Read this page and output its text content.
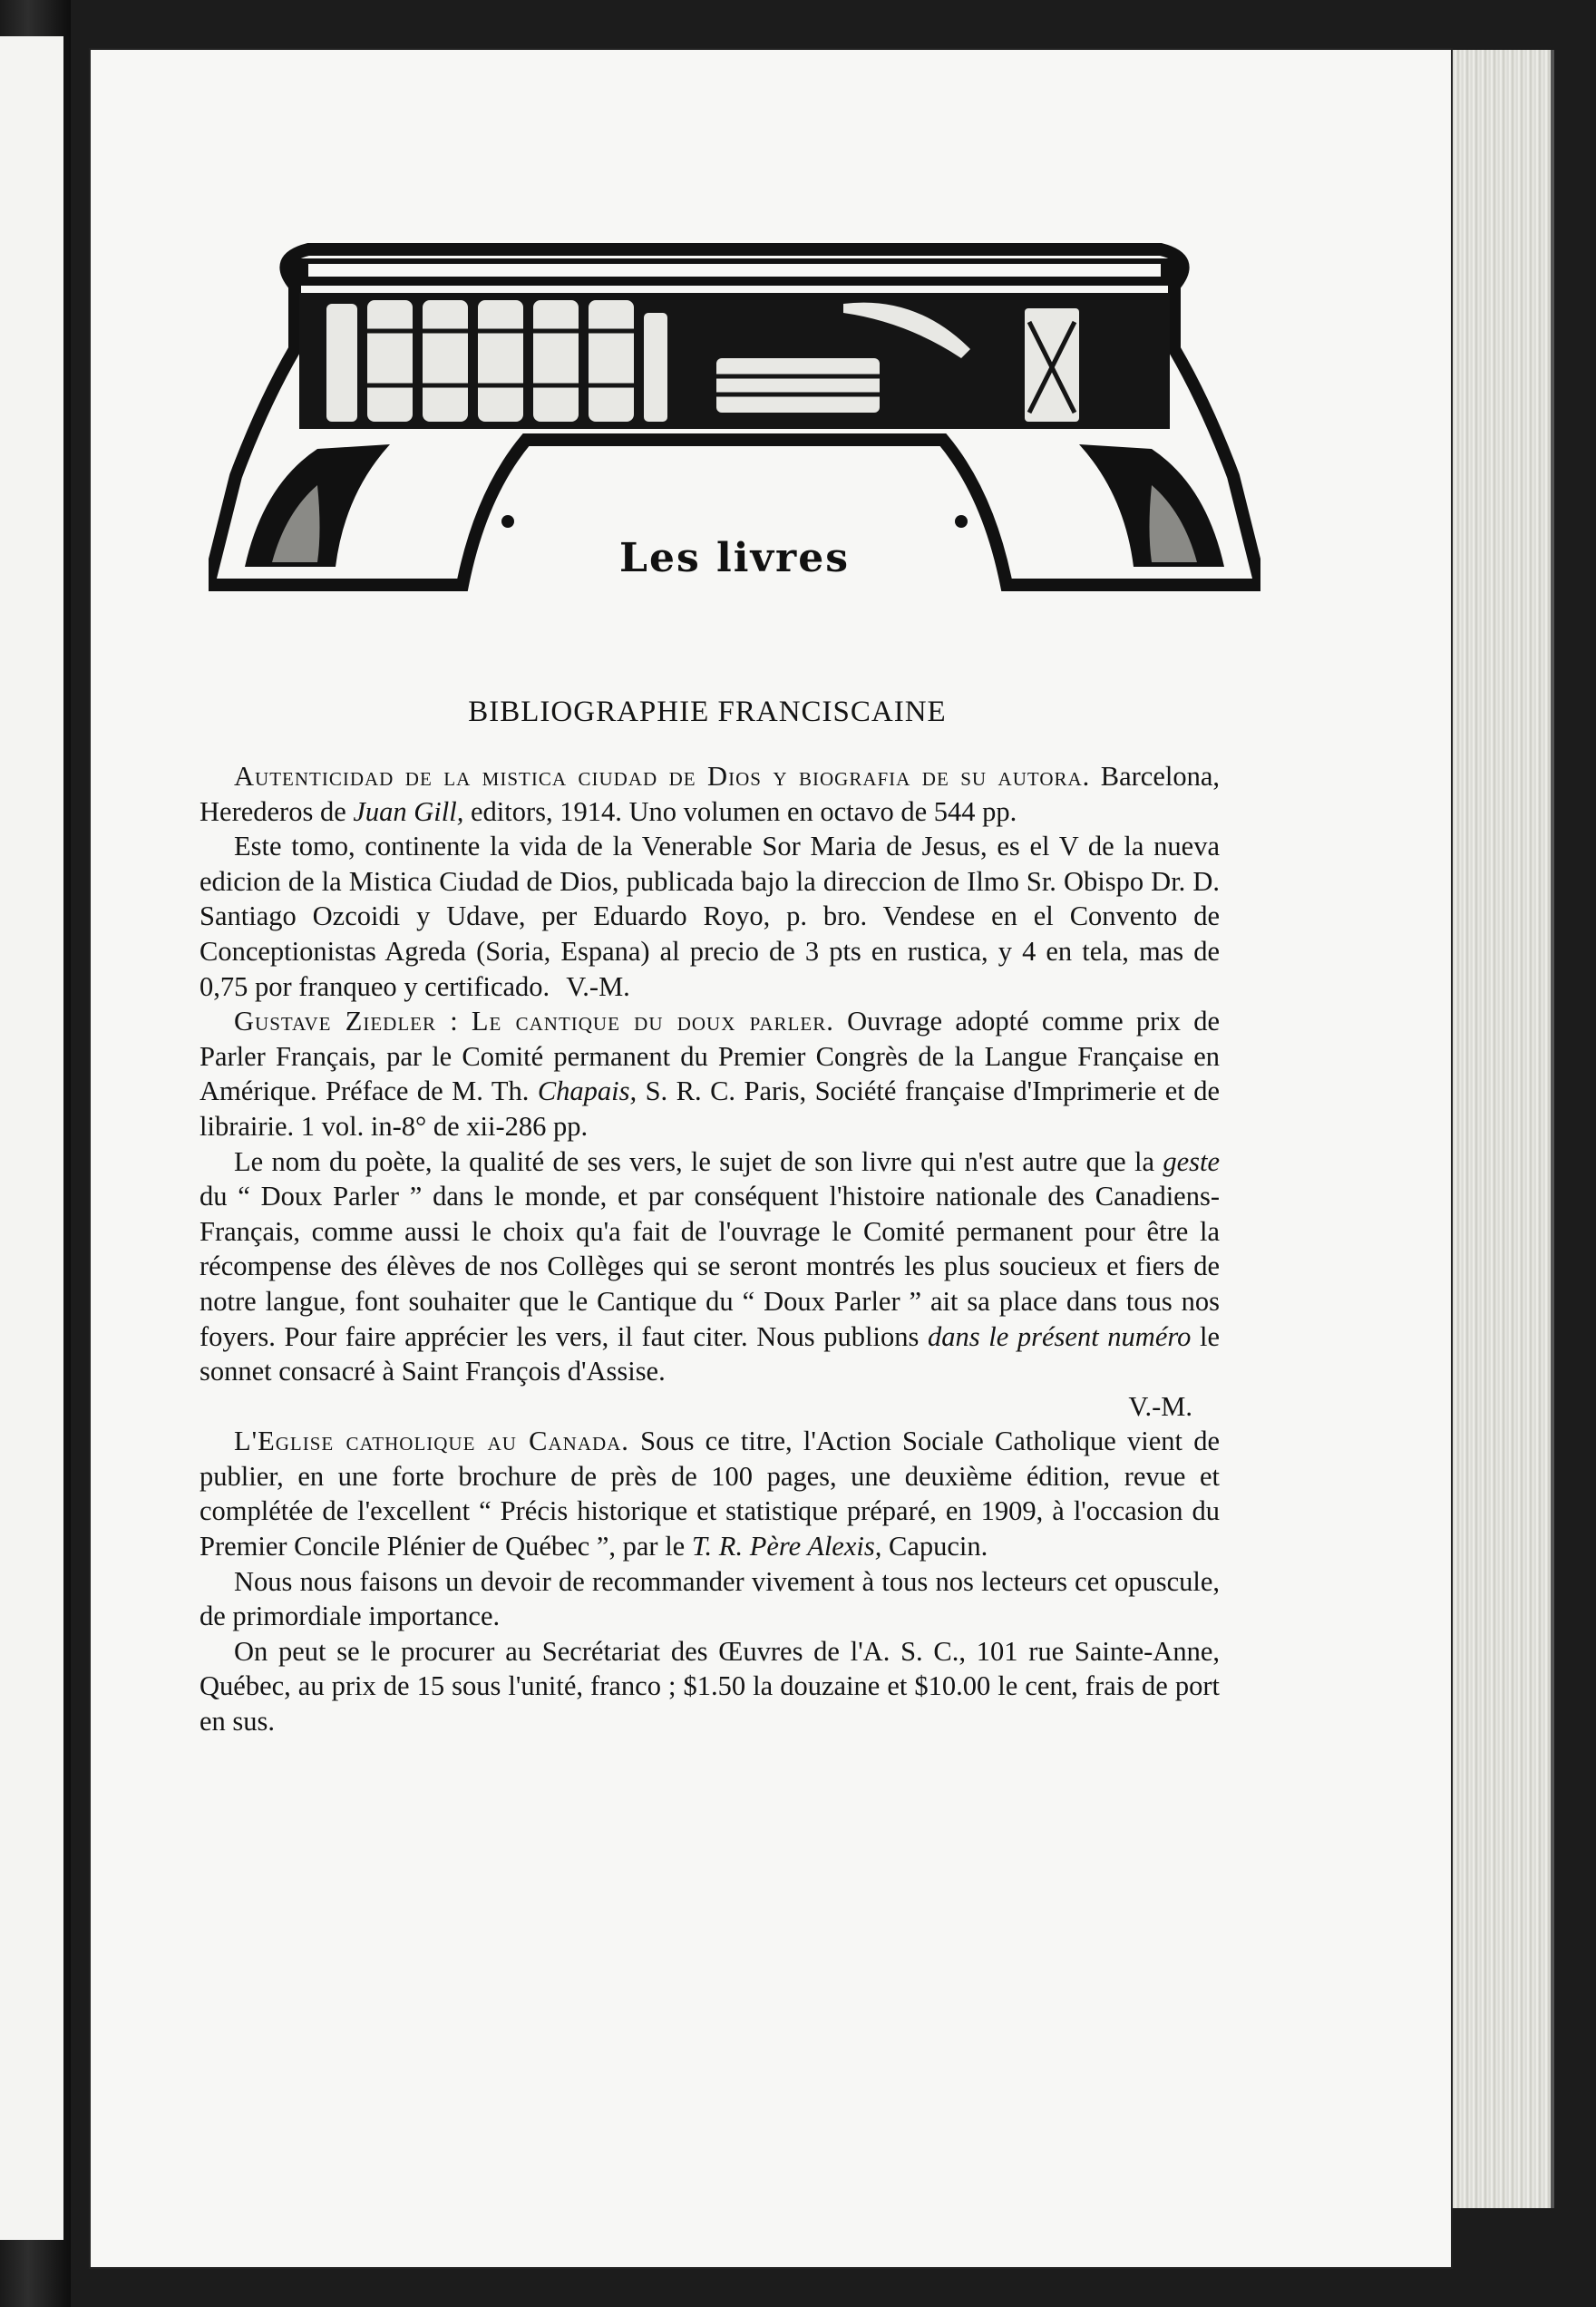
Les livres
BIBLIOGRAPHIE FRANCISCAINE

Autenticidad de la mistica ciudad de Dios y biografia de su autora. Barcelona, Herederos de Juan Gill, editors, 1914. Uno volumen en octavo de 544 pp.

Este tomo, continente la vida de la Venerable Sor Maria de Jesus, es el V de la nueva edicion de la Mistica Ciudad de Dios, publicada bajo la direccion de Ilmo Sr. Obispo Dr. D. Santiago Ozcoidi y Udave, per Eduardo Royo, p. bro. Vendese en el Convento de Conceptionistas Agreda (Soria, Espana) al precio de 3 pts en rustica, y 4 en tela, mas de 0,75 por franqueo y certificado. V.-M.

Gustave Ziedler : Le cantique du doux parler. Ouvrage adopté comme prix de Parler Français, par le Comité permanent du Premier Congrès de la Langue Française en Amérique. Préface de M. Th. Chapais, S. R. C. Paris, Société française d'Imprimerie et de librairie. 1 vol. in-8° de xii-286 pp.

Le nom du poète, la qualité de ses vers, le sujet de son livre qui n'est autre que la geste du “ Doux Parler ” dans le monde, et par conséquent l'histoire nationale des Canadiens-Français, comme aussi le choix qu'a fait de l'ouvrage le Comité permanent pour être la récompense des élèves de nos Collèges qui se seront montrés les plus soucieux et fiers de notre langue, font souhaiter que le Cantique du “ Doux Parler ” ait sa place dans tous nos foyers. Pour faire apprécier les vers, il faut citer. Nous publions dans le présent numéro le sonnet consacré à Saint François d'Assise.

V.-M.

L'Eglise catholique au Canada. Sous ce titre, l'Action Sociale Catholique vient de publier, en une forte brochure de près de 100 pages, une deuxième édition, revue et complétée de l'excellent “ Précis historique et statistique préparé, en 1909, à l'occasion du Premier Concile Plénier de Québec ”, par le T. R. Père Alexis, Capucin.

Nous nous faisons un devoir de recommander vivement à tous nos lecteurs cet opuscule, de primordiale importance.

On peut se le procurer au Secrétariat des Œuvres de l'A. S. C., 101 rue Sainte-Anne, Québec, au prix de 15 sous l'unité, franco ; $1.50 la douzaine et $10.00 le cent, frais de port en sus.
